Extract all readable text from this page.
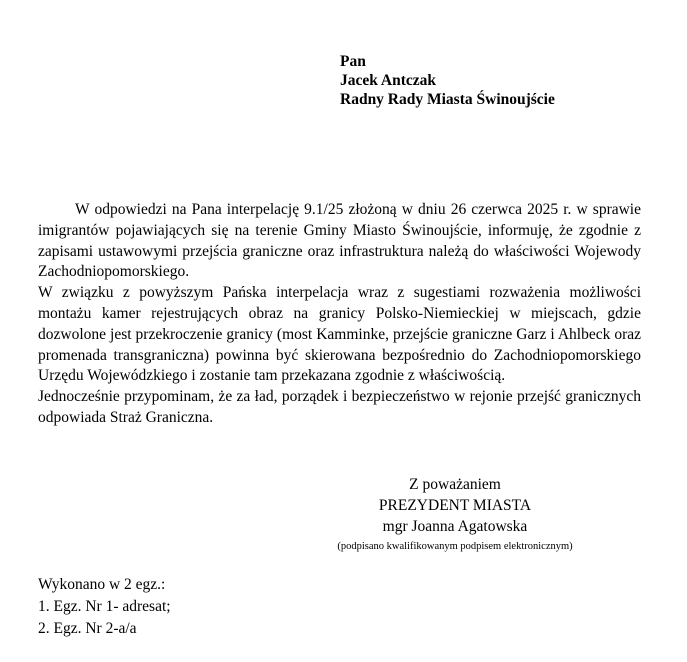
Pan
Jacek Antczak
Radny Rady Miasta Świnoujście

W odpowiedzi na Pana interpelację 9.1/25 złożoną w dniu 26 czerwca 2025 r. w sprawie imigrantów pojawiających się na terenie Gminy Miasto Świnoujście, informuję, że zgodnie z zapisami ustawowymi przejścia graniczne oraz infrastruktura należą do właściwości Wojewody Zachodniopomorskiego.

W związku z powyższym Pańska interpelacja wraz z sugestiami rozważenia możliwości montażu kamer rejestrujących obraz na granicy Polsko-Niemieckiej w miejscach, gdzie dozwolone jest przekroczenie granicy (most Kamminke, przejście graniczne Garz i Ahlbeck oraz promenada transgraniczna) powinna być skierowana bezpośrednio do Zachodniopomorskiego Urzędu Wojewódzkiego i zostanie tam przekazana zgodnie z właściwością.

Jednocześnie przypominam, że za ład, porządek i bezpieczeństwo w rejonie przejść granicznych odpowiada Straż Graniczna.

Z poważaniem
PREZYDENT MIASTA
mgr Joanna Agatowska
(podpisano kwalifikowanym podpisem elektronicznym)
Wykonano w 2 egz.:
1. Egz. Nr 1- adresat;
2. Egz. Nr 2-a/a
